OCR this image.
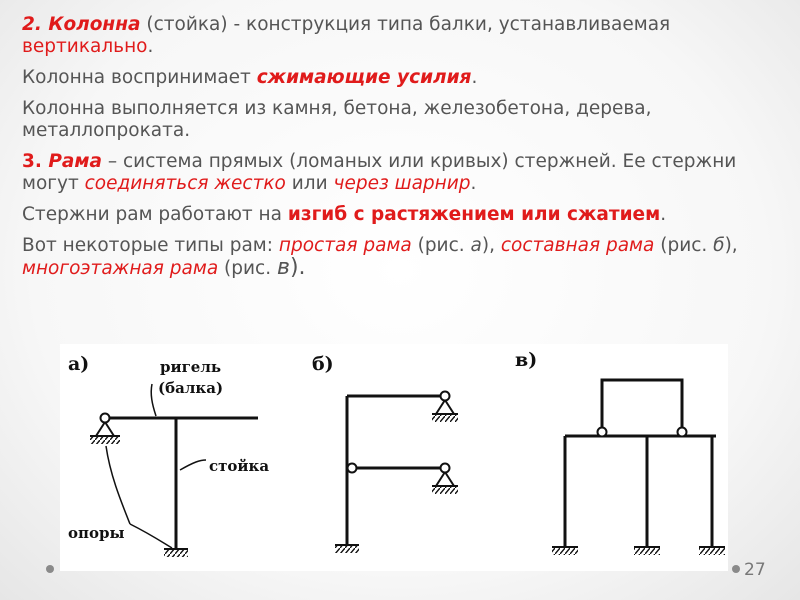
2. Колонна (стойка) - конструкция типа балки, устанавливаемая вертикально.

Колонна воспринимает сжимающие усилия.

Колонна выполняется из камня, бетона, железобетона, дерева, металлопроката.

3. Рама – система прямых (ломаных или кривых) стержней. Ее стержни могут соединяться жестко или через шарнир.

Стержни рам работают на изгиб с растяжением или сжатием.

Вот некоторые типы рам: простая рама (рис. а), составная рама (рис. б), многоэтажная рама (рис. в).

а)	ригель
(балка)
стойка
опоры
б)	в)
27
